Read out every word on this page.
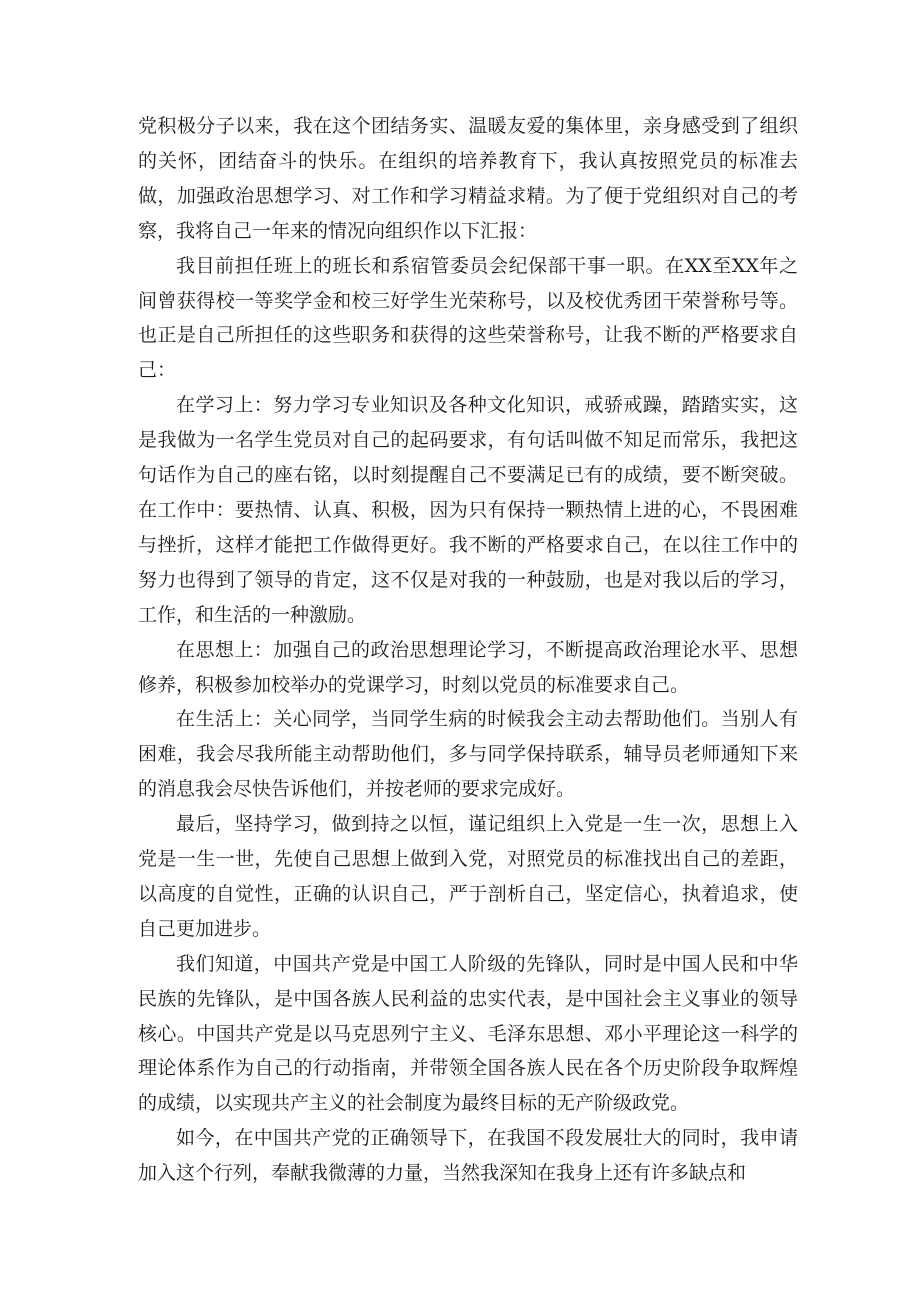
党积极分子以来，我在这个团结务实、温暖友爱的集体里，亲身感受到了组织的关怀，团结奋斗的快乐。在组织的培养教育下，我认真按照党员的标准去做，加强政治思想学习、对工作和学习精益求精。为了便于党组织对自己的考察，我将自己一年来的情况向组织作以下汇报：

我目前担任班上的班长和系宿管委员会纪保部干事一职。在XX至XX年之间曾获得校一等奖学金和校三好学生光荣称号，以及校优秀团干荣誉称号等。也正是自己所担任的这些职务和获得的这些荣誉称号，让我不断的严格要求自己：

在学习上：努力学习专业知识及各种文化知识，戒骄戒躁，踏踏实实，这是我做为一名学生党员对自己的起码要求，有句话叫做不知足而常乐，我把这句话作为自己的座右铭，以时刻提醒自己不要满足已有的成绩，要不断突破。在工作中：要热情、认真、积极，因为只有保持一颗热情上进的心，不畏困难与挫折，这样才能把工作做得更好。我不断的严格要求自己，在以往工作中的努力也得到了领导的肯定，这不仅是对我的一种鼓励，也是对我以后的学习，工作，和生活的一种激励。

在思想上：加强自己的政治思想理论学习，不断提高政治理论水平、思想修养，积极参加校举办的党课学习，时刻以党员的标准要求自己。

在生活上：关心同学，当同学生病的时候我会主动去帮助他们。当别人有困难，我会尽我所能主动帮助他们，多与同学保持联系，辅导员老师通知下来的消息我会尽快告诉他们，并按老师的要求完成好。

最后，坚持学习，做到持之以恒，谨记组织上入党是一生一次，思想上入党是一生一世，先使自己思想上做到入党，对照党员的标准找出自己的差距，以高度的自觉性，正确的认识自己，严于剖析自己，坚定信心，执着追求，使自己更加进步。

我们知道，中国共产党是中国工人阶级的先锋队，同时是中国人民和中华民族的先锋队，是中国各族人民利益的忠实代表，是中国社会主义事业的领导核心。中国共产党是以马克思列宁主义、毛泽东思想、邓小平理论这一科学的理论体系作为自己的行动指南，并带领全国各族人民在各个历史阶段争取辉煌的成绩，以实现共产主义的社会制度为最终目标的无产阶级政党。

如今，在中国共产党的正确领导下，在我国不段发展壮大的同时，我申请加入这个行列，奉献我微薄的力量，当然我深知在我身上还有许多缺点和
